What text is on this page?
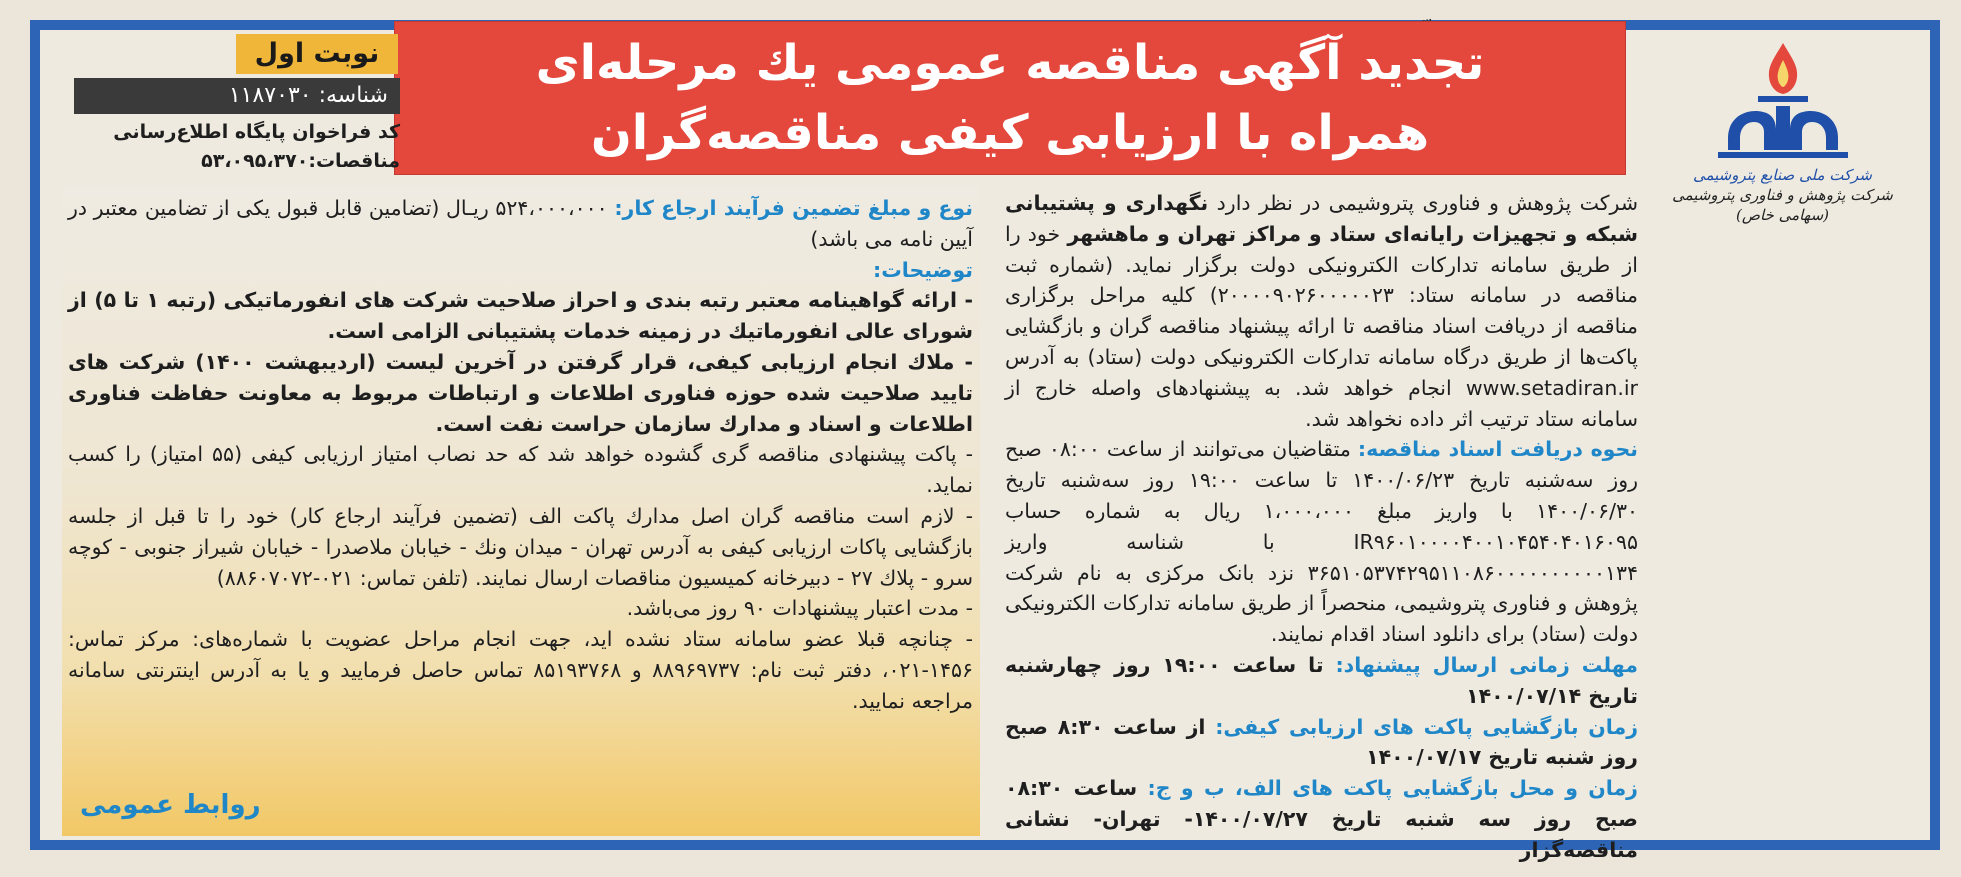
تجدید آگهی مناقصه عمومی یك مرحله‌ای
همراه با ارزیابی كیفی مناقصه‌گران
شرکت ملی صنایع پتروشیمی
شرکت پژوهش و فناوری پتروشیمی (سهامی خاص)
نوبت اول
شناسه: ۱۱۸۷۰۳۰
کد فراخوان پایگاه اطلاع‌رسانی
مناقصات:۵۳،۰۹۵،۳۷۰

شرکت پژوهش و فناوری پتروشیمی در نظر دارد نگهداری و پشتیبانی شبکه و تجهیزات رایانه‌ای ستاد و مراکز تهران و ماهشهر خود را از طریق سامانه تدارکات الکترونیکی دولت برگزار نماید. (شماره ثبت مناقصه در سامانه ستاد: ۲۰۰۰۰۹۰۲۶۰۰۰۰۰۲۳) کلیه مراحل برگزاری مناقصه از دریافت اسناد مناقصه تا ارائه پیشنهاد مناقصه گران و بازگشایی پاکت‌ها از طریق درگاه سامانه تدارکات الکترونیکی دولت (ستاد) به آدرس www.setadiran.ir انجام خواهد شد. به پیشنهادهای واصله خارج از سامانه ستاد ترتیب اثر داده نخواهد شد.

نحوه دریافت اسناد مناقصه: متقاضیان می‌توانند از ساعت ۰۸:۰۰ صبح روز سه‌شنبه تاریخ ۱۴۰۰/۰۶/۲۳ تا ساعت ۱۹:۰۰ روز سه‌شنبه تاریخ ۱۴۰۰/۰۶/۳۰ با واریز مبلغ ۱،۰۰۰،۰۰۰ ریال به شماره حساب IR۹۶۰۱۰۰۰۰۴۰۰۱۰۴۵۴۰۴۰۱۶۰۹۵ با شناسه واریز ۳۶۵۱۰۵۳۷۴۲۹۵۱۱۰۸۶۰۰۰۰۰۰۰۰۰۰۱۳۴ نزد بانک مرکزی به نام شرکت پژوهش و فناوری پتروشیمی، منحصراً از طریق سامانه تدارکات الکترونیکی دولت (ستاد) برای دانلود اسناد اقدام نمایند.

مهلت زمانی ارسال پیشنهاد: تا ساعت ۱۹:۰۰ روز چهارشنبه تاریخ ۱۴۰۰/۰۷/۱۴

زمان بازگشایی پاکت های ارزیابی کیفی: از ساعت ۸:۳۰ صبح روز شنبه تاریخ ۱۴۰۰/۰۷/۱۷

زمان و محل بازگشایی پاکت های الف، ب و ج: ساعت ۰۸:۳۰ صبح روز سه شنبه تاریخ ۱۴۰۰/۰۷/۲۷- تهران- نشانی مناقصه‌گزار

نوع و مبلغ تضمین فرآیند ارجاع کار: ۵۲۴،۰۰۰،۰۰۰ ریـال (تضامین قابل قبول یکی از تضامین معتبر در آیین نامه می باشد)

توضیحات:

- ارائه گواهینامه معتبر رتبه بندی و احراز صلاحیت شرکت های انفورماتیکی (رتبه ۱ تا ۵) از شورای عالی انفورماتیك در زمینه خدمات پشتیبانی الزامی است.

- ملاك انجام ارزیابی کیفی، قرار گرفتن در آخرین لیست (اردیبهشت ۱۴۰۰) شرکت های تایید صلاحیت شده حوزه فناوری اطلاعات و ارتباطات مربوط به معاونت حفاظت فناوری اطلاعات و اسناد و مدارك سازمان حراست نفت است.

- پاکت پیشنهادی مناقصه گری گشوده خواهد شد که حد نصاب امتیاز ارزیابی کیفی (۵۵ امتیاز) را کسب نماید.

- لازم است مناقصه گران اصل مدارك پاکت الف (تضمین فرآیند ارجاع کار) خود را تا قبل از جلسه بازگشایی پاکات ارزیابی کیفی به آدرس تهران - میدان ونك - خیابان ملاصدرا - خیابان شیراز جنوبی - کوچه سرو - پلاك ۲۷ - دبیرخانه کمیسیون مناقصات ارسال نمایند. (تلفن تماس: ۰۲۱-۸۸۶۰۷۰۷۲)

- مدت اعتبار پیشنهادات ۹۰ روز می‌باشد.

- چنانچه قبلا عضو سامانه ستاد نشده اید، جهت انجام مراحل عضویت با شماره‌های: مرکز تماس: ۱۴۵۶-۰۲۱، دفتر ثبت نام: ۸۸۹۶۹۷۳۷ و ۸۵۱۹۳۷۶۸ تماس حاصل فرمایید و یا به آدرس اینترنتی سامانه مراجعه نمایید.

روابط عمومی
